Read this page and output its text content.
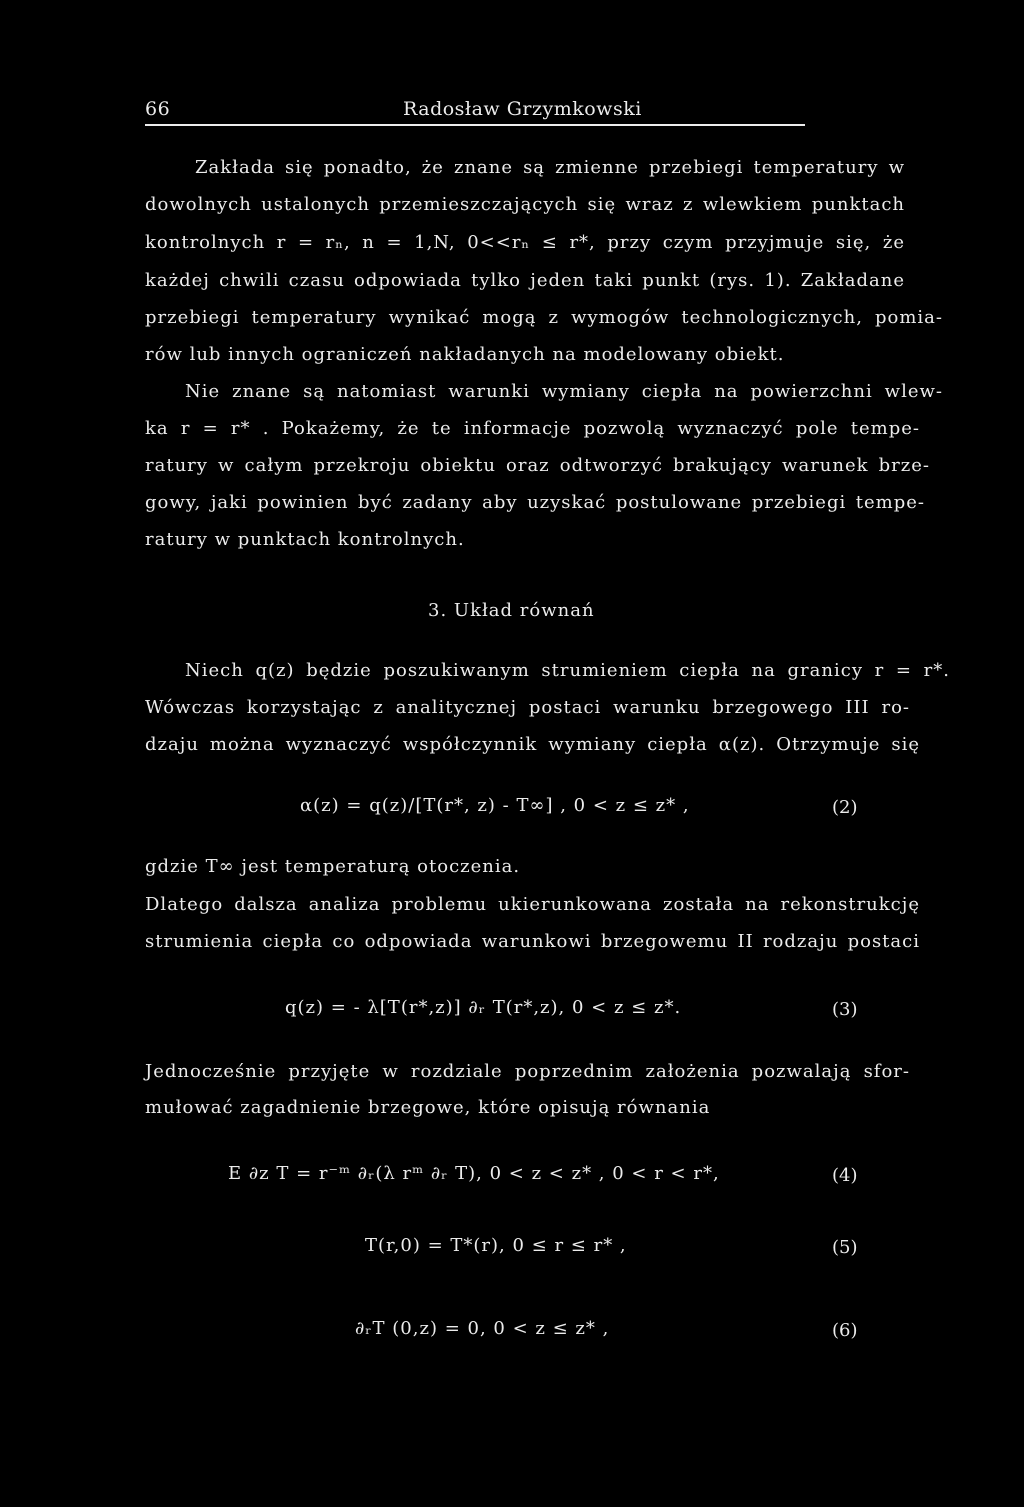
66	Radosław Grzymkowski
Zakłada się ponadto, że znane są zmienne przebiegi temperatury w
dowolnych ustalonych przemieszczających się wraz z wlewkiem punktach
kontrolnych r = rₙ, n = 1,N, 0<<rₙ ≤ r*, przy czym przyjmuje się, że
każdej chwili czasu odpowiada tylko jeden taki punkt (rys. 1). Zakładane
przebiegi temperatury wynikać mogą z wymogów technologicznych, pomia-
rów lub innych ograniczeń nakładanych na modelowany obiekt.
Nie znane są natomiast warunki wymiany ciepła na powierzchni wlew-
ka r = r* . Pokażemy, że te informacje pozwolą wyznaczyć pole tempe-
ratury w całym przekroju obiektu oraz odtworzyć brakujący warunek brze-
gowy, jaki powinien być zadany aby uzyskać postulowane przebiegi tempe-
ratury w punktach kontrolnych.
3. Układ równań
Niech q(z) będzie poszukiwanym strumieniem ciepła na granicy r = r*.
Wówczas korzystając z analitycznej postaci warunku brzegowego III ro-
dzaju można wyznaczyć współczynnik wymiany ciepła α(z). Otrzymuje się
α(z) = q(z)/[T(r*, z) - T∞] , 0 < z ≤ z* ,	(2)
gdzie T∞ jest temperaturą otoczenia.
Dlatego dalsza analiza problemu ukierunkowana została na rekonstrukcję
strumienia ciepła co odpowiada warunkowi brzegowemu II rodzaju postaci
q(z) = - λ[T(r*,z)] ∂ᵣ T(r*,z), 0 < z ≤ z*.	(3)
Jednocześnie przyjęte w rozdziale poprzednim założenia pozwalają sfor-
mułować zagadnienie brzegowe, które opisują równania
E ∂z T = r⁻ᵐ ∂ᵣ(λ rᵐ ∂ᵣ T), 0 < z < z* , 0 < r < r*,	(4)
T(r,0) = T*(r), 0 ≤ r ≤ r* ,	(5)
∂ᵣT (0,z) = 0, 0 < z ≤ z* ,	(6)
